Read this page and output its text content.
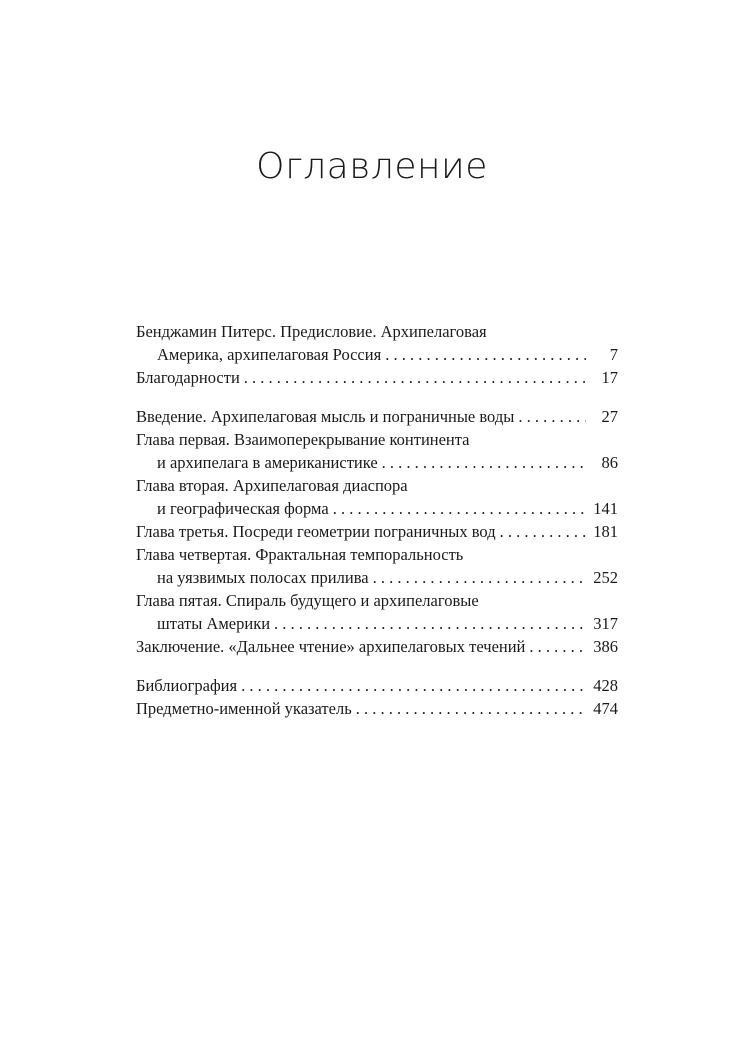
Оглавление
Бенджамин Питерс. Предисловие. Архипелаговая
Америка, архипелаговая Россия . . .	7
Благодарности . . .	17
Введение. Архипелаговая мысль и пограничные воды . . .	27
Глава первая. Взаимоперекрывание континента
и архипелага в американистике . . .	86
Глава вторая. Архипелаговая диаспора
и географическая форма . . .	141
Глава третья. Посреди геометрии пограничных вод . . .	181
Глава четвертая. Фрактальная темпоральность
на уязвимых полосах прилива . . .	252
Глава пятая. Спираль будущего и архипелаговые
штаты Америки . . .	317
Заключение. «Дальнее чтение» архипелаговых течений . . .	386
Библиография . . .	428
Предметно-именной указатель . . .	474
